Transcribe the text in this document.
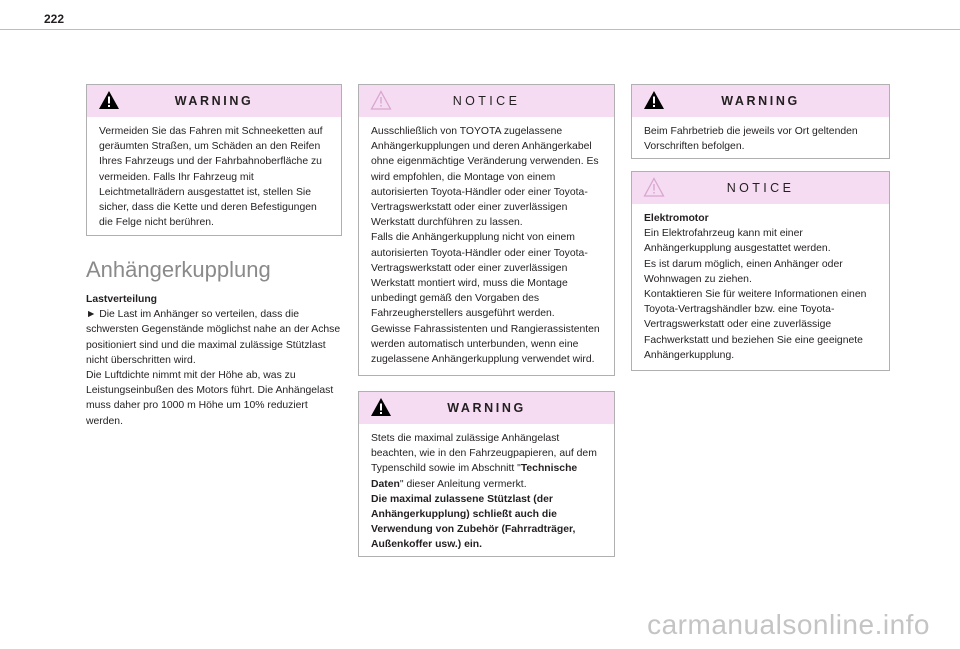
222
WARNING

Vermeiden Sie das Fahren mit Schneeketten auf geräumten Straßen, um Schäden an den Reifen Ihres Fahrzeugs und der Fahrbahnoberfläche zu vermeiden. Falls Ihr Fahrzeug mit Leichtmetallrädern ausgestattet ist, stellen Sie sicher, dass die Kette und deren Befestigungen die Felge nicht berühren.

Anhängerkupplung

Lastverteilung

► Die Last im Anhänger so verteilen, dass die schwersten Gegenstände möglichst nahe an der Achse positioniert sind und die maximal zulässige Stützlast nicht überschritten wird.

Die Luftdichte nimmt mit der Höhe ab, was zu Leistungseinbußen des Motors führt. Die Anhängelast muss daher pro 1000 m Höhe um 10% reduziert werden.

NOTICE

Ausschließlich von TOYOTA zugelassene Anhängerkupplungen und deren Anhängerkabel ohne eigenmächtige Veränderung verwenden. Es wird empfohlen, die Montage von einem autorisierten Toyota-Händler oder einer Toyota-Vertragswerkstatt oder einer zuverlässigen Werkstatt durchführen zu lassen.

Falls die Anhängerkupplung nicht von einem autorisierten Toyota-Händler oder einer Toyota-Vertragswerkstatt oder einer zuverlässigen Werkstatt montiert wird, muss die Montage unbedingt gemäß den Vorgaben des Fahrzeugherstellers ausgeführt werden.

Gewisse Fahrassistenten und Rangierassistenten werden automatisch unterbunden, wenn eine zugelassene Anhängerkupplung verwendet wird.

WARNING

Stets die maximal zulässige Anhängelast beachten, wie in den Fahrzeugpapieren, auf dem Typenschild sowie im Abschnitt "Technische Daten" dieser Anleitung vermerkt.

Die maximal zulassene Stützlast (der Anhängerkupplung) schließt auch die Verwendung von Zubehör (Fahrradträger, Außenkoffer usw.) ein.

WARNING

Beim Fahrbetrieb die jeweils vor Ort geltenden Vorschriften befolgen.

NOTICE

Elektromotor

Ein Elektrofahrzeug kann mit einer Anhängerkupplung ausgestattet werden.

Es ist darum möglich, einen Anhänger oder Wohnwagen zu ziehen.

Kontaktieren Sie für weitere Informationen einen Toyota-Vertragshändler bzw. eine Toyota-Vertragswerkstatt oder eine zuverlässige Fachwerkstatt und beziehen Sie eine geeignete Anhängerkupplung.

carmanualsonline.info
